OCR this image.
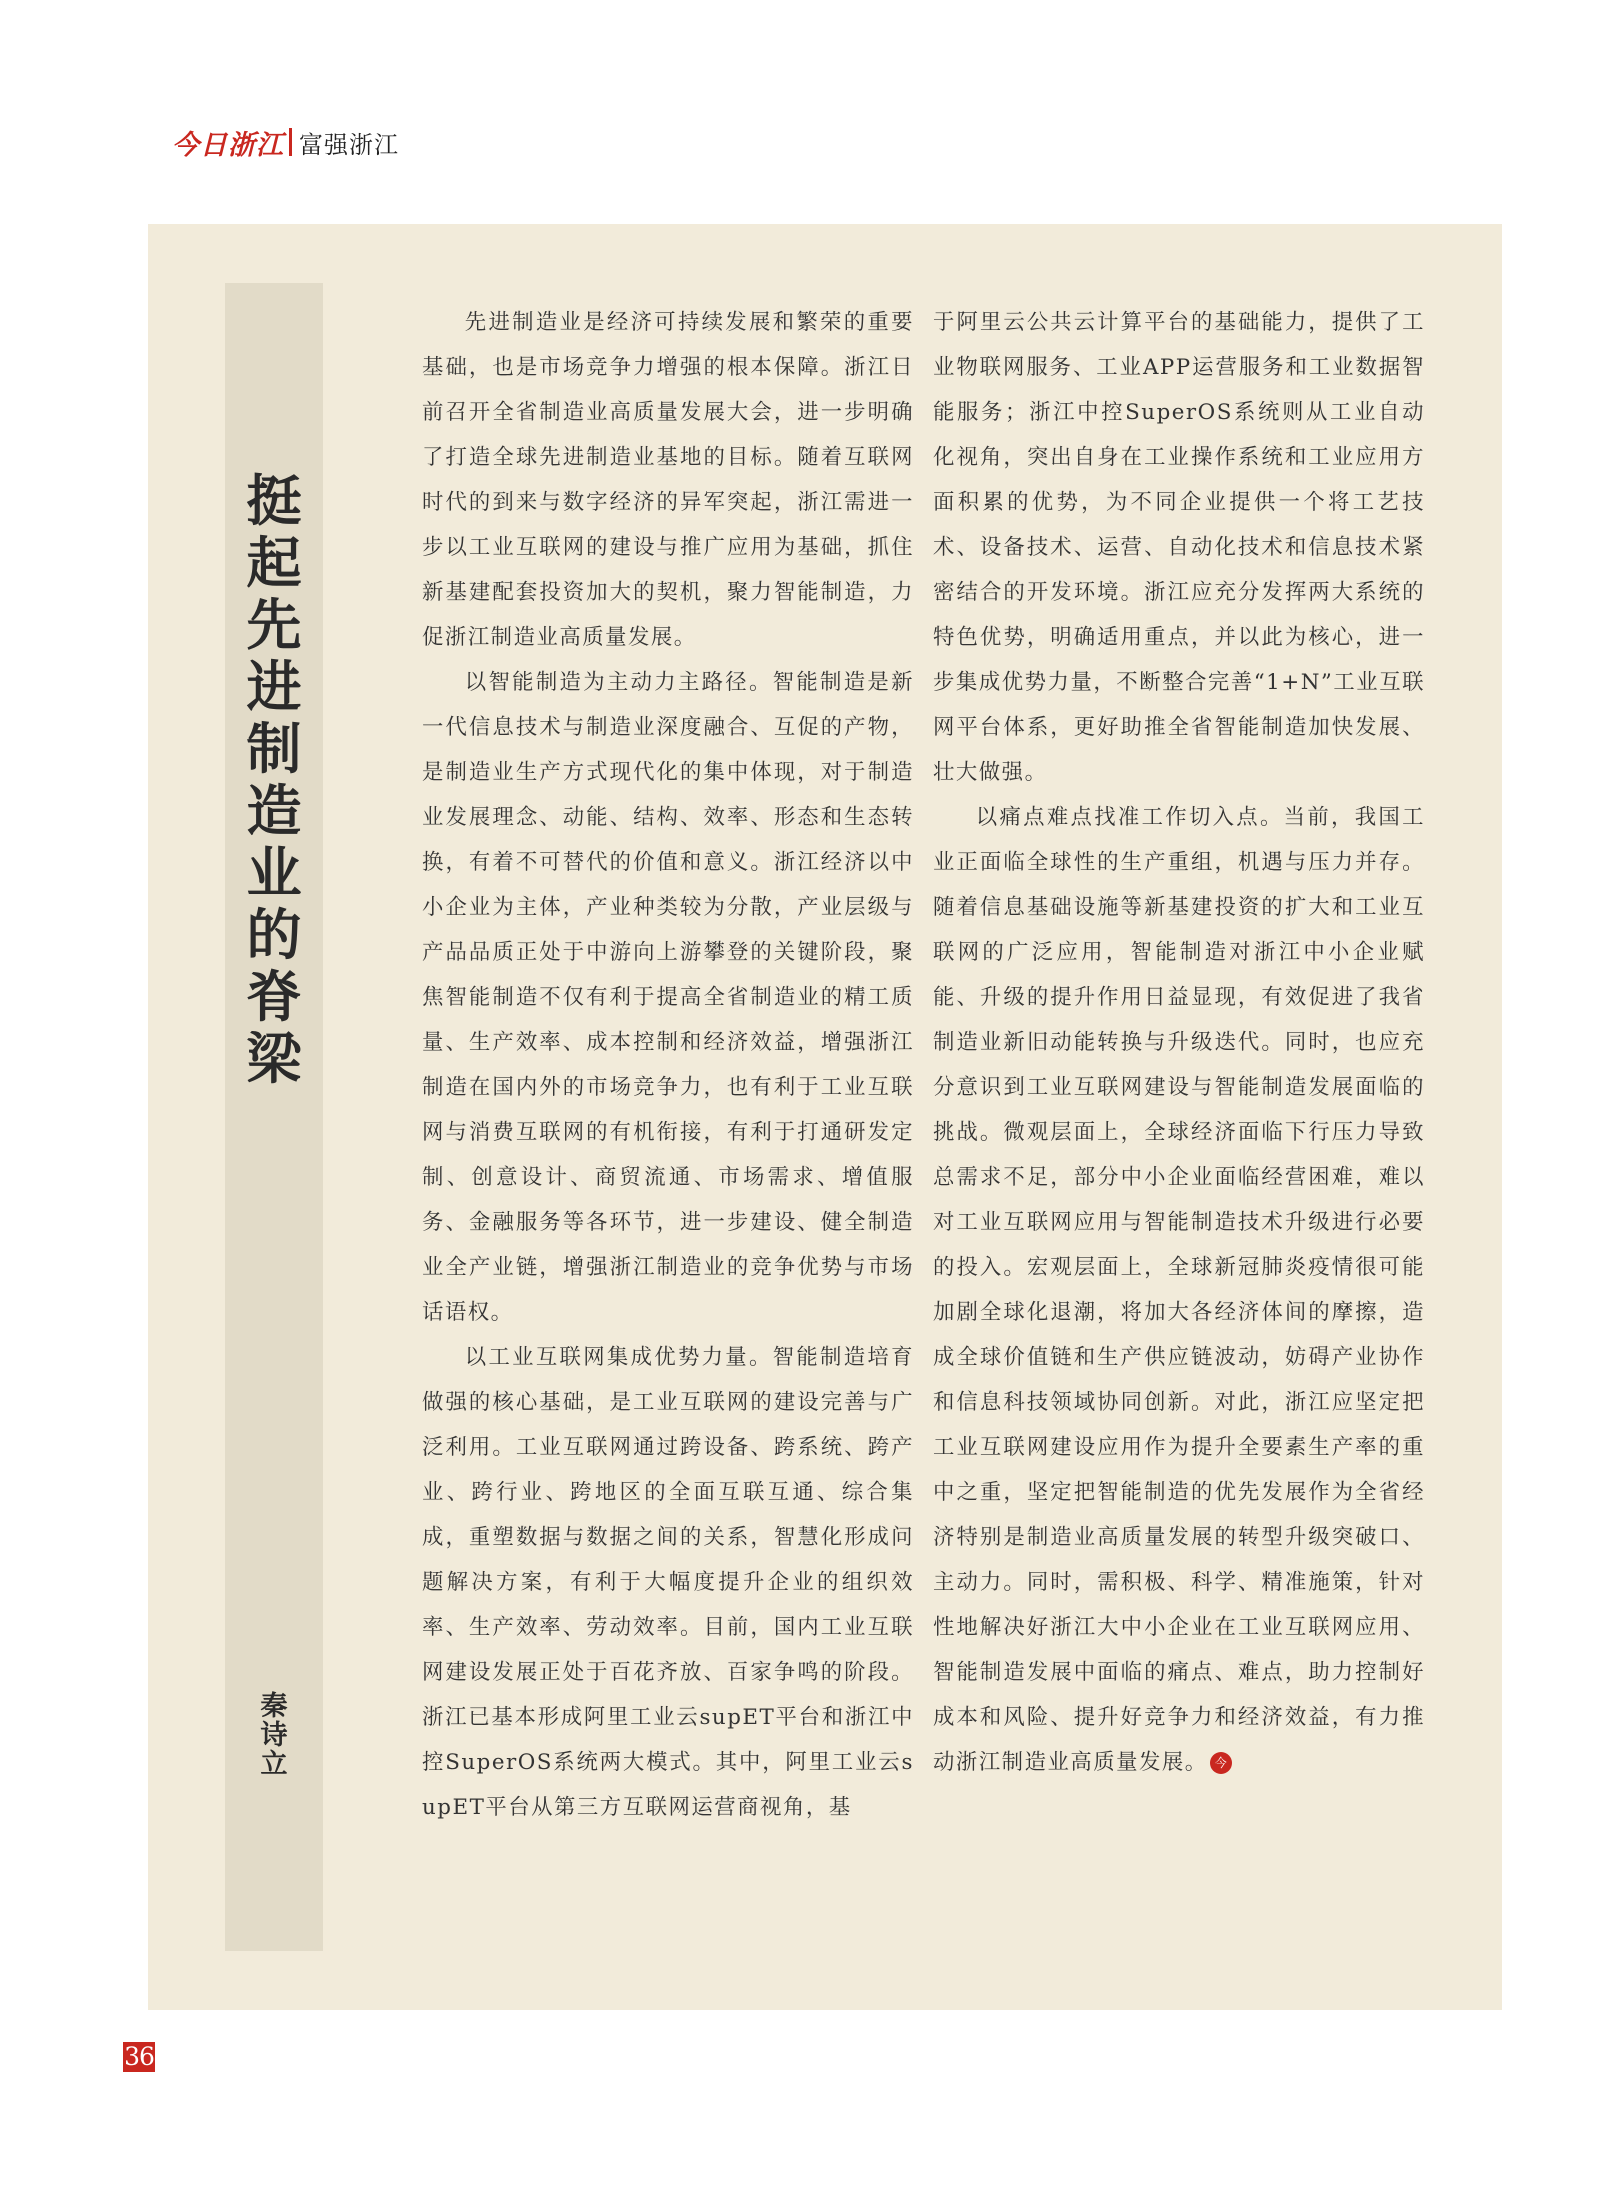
今日浙江 富强浙江
挺起先进制造业的脊梁
秦诗立

先进制造业是经济可持续发展和繁荣的重要基础，也是市场竞争力增强的根本保障。浙江日前召开全省制造业高质量发展大会，进一步明确了打造全球先进制造业基地的目标。随着互联网时代的到来与数字经济的异军突起，浙江需进一步以工业互联网的建设与推广应用为基础，抓住新基建配套投资加大的契机，聚力智能制造，力促浙江制造业高质量发展。

以智能制造为主动力主路径。智能制造是新一代信息技术与制造业深度融合、互促的产物，是制造业生产方式现代化的集中体现，对于制造业发展理念、动能、结构、效率、形态和生态转换，有着不可替代的价值和意义。浙江经济以中小企业为主体，产业种类较为分散，产业层级与产品品质正处于中游向上游攀登的关键阶段，聚焦智能制造不仅有利于提高全省制造业的精工质量、生产效率、成本控制和经济效益，增强浙江制造在国内外的市场竞争力，也有利于工业互联网与消费互联网的有机衔接，有利于打通研发定制、创意设计、商贸流通、市场需求、增值服务、金融服务等各环节，进一步建设、健全制造业全产业链，增强浙江制造业的竞争优势与市场话语权。

以工业互联网集成优势力量。智能制造培育做强的核心基础，是工业互联网的建设完善与广泛利用。工业互联网通过跨设备、跨系统、跨产业、跨行业、跨地区的全面互联互通、综合集成，重塑数据与数据之间的关系，智慧化形成问题解决方案，有利于大幅度提升企业的组织效率、生产效率、劳动效率。目前，国内工业互联网建设发展正处于百花齐放、百家争鸣的阶段。浙江已基本形成阿里工业云supET平台和浙江中控SuperOS系统两大模式。其中，阿里工业云supET平台从第三方互联网运营商视角，基

于阿里云公共云计算平台的基础能力，提供了工业物联网服务、工业APP运营服务和工业数据智能服务；浙江中控SuperOS系统则从工业自动化视角，突出自身在工业操作系统和工业应用方面积累的优势，为不同企业提供一个将工艺技术、设备技术、运营、自动化技术和信息技术紧密结合的开发环境。浙江应充分发挥两大系统的特色优势，明确适用重点，并以此为核心，进一步集成优势力量，不断整合完善“1+N”工业互联网平台体系，更好助推全省智能制造加快发展、壮大做强。

以痛点难点找准工作切入点。当前，我国工业正面临全球性的生产重组，机遇与压力并存。随着信息基础设施等新基建投资的扩大和工业互联网的广泛应用，智能制造对浙江中小企业赋能、升级的提升作用日益显现，有效促进了我省制造业新旧动能转换与升级迭代。同时，也应充分意识到工业互联网建设与智能制造发展面临的挑战。微观层面上，全球经济面临下行压力导致总需求不足，部分中小企业面临经营困难，难以对工业互联网应用与智能制造技术升级进行必要的投入。宏观层面上，全球新冠肺炎疫情很可能加剧全球化退潮，将加大各经济体间的摩擦，造成全球价值链和生产供应链波动，妨碍产业协作和信息科技领域协同创新。对此，浙江应坚定把工业互联网建设应用作为提升全要素生产率的重中之重，坚定把智能制造的优先发展作为全省经济特别是制造业高质量发展的转型升级突破口、主动力。同时，需积极、科学、精准施策，针对性地解决好浙江大中小企业在工业互联网应用、智能制造发展中面临的痛点、难点，助力控制好成本和风险、提升好竞争力和经济效益，有力推动浙江制造业高质量发展。 今

36
